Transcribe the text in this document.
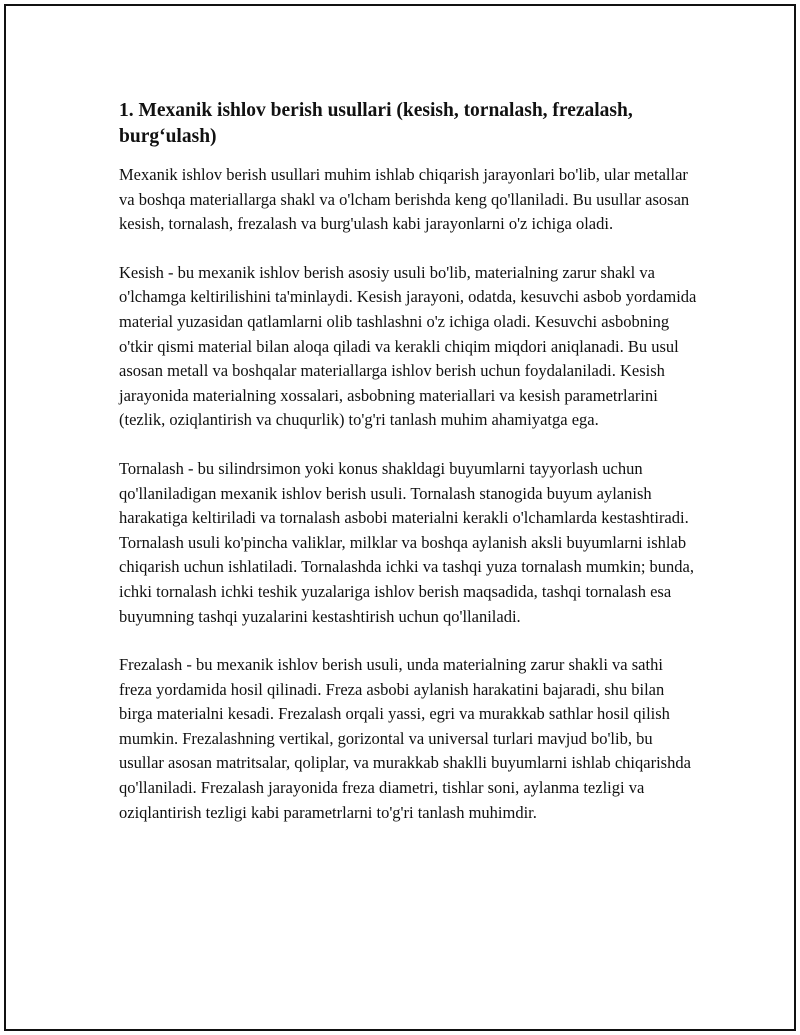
1. Mexanik ishlov berish usullari (kesish, tornalash, frezalash, burg‘ulash)

Mexanik ishlov berish usullari muhim ishlab chiqarish jarayonlari bo'lib, ular metallar va boshqa materiallarga shakl va o'lcham berishda keng qo'llaniladi. Bu usullar asosan kesish, tornalash, frezalash va burg'ulash kabi jarayonlarni o'z ichiga oladi.

Kesish - bu mexanik ishlov berish asosiy usuli bo'lib, materialning zarur shakl va o'lchamga keltirilishini ta'minlaydi. Kesish jarayoni, odatda, kesuvchi asbob yordamida material yuzasidan qatlamlarni olib tashlashni o'z ichiga oladi. Kesuvchi asbobning o'tkir qismi material bilan aloqa qiladi va kerakli chiqim miqdori aniqlanadi. Bu usul asosan metall va boshqalar materiallarga ishlov berish uchun foydalaniladi. Kesish jarayonida materialning xossalari, asbobning materiallari va kesish parametrlarini (tezlik, oziqlantirish va chuqurlik) to'g'ri tanlash muhim ahamiyatga ega.

Tornalash - bu silindrsimon yoki konus shakldagi buyumlarni tayyorlash uchun qo'llaniladigan mexanik ishlov berish usuli. Tornalash stanogida buyum aylanish harakatiga keltiriladi va tornalash asbobi materialni kerakli o'lchamlarda kestashtiradi. Tornalash usuli ko'pincha valiklar, milklar va boshqa aylanish aksli buyumlarni ishlab chiqarish uchun ishlatiladi. Tornalashda ichki va tashqi yuza tornalash mumkin; bunda, ichki tornalash ichki teshik yuzalariga ishlov berish maqsadida, tashqi tornalash esa buyumning tashqi yuzalarini kestashtirish uchun qo'llaniladi.

Frezalash - bu mexanik ishlov berish usuli, unda materialning zarur shakli va sathi freza yordamida hosil qilinadi. Freza asbobi aylanish harakatini bajaradi, shu bilan birga materialni kesadi. Frezalash orqali yassi, egri va murakkab sathlar hosil qilish mumkin. Frezalashning vertikal, gorizontal va universal turlari mavjud bo'lib, bu usullar asosan matritsalar, qoliplar, va murakkab shaklli buyumlarni ishlab chiqarishda qo'llaniladi. Frezalash jarayonida freza diametri, tishlar soni, aylanma tezligi va oziqlantirish tezligi kabi parametrlarni to'g'ri tanlash muhimdir.
